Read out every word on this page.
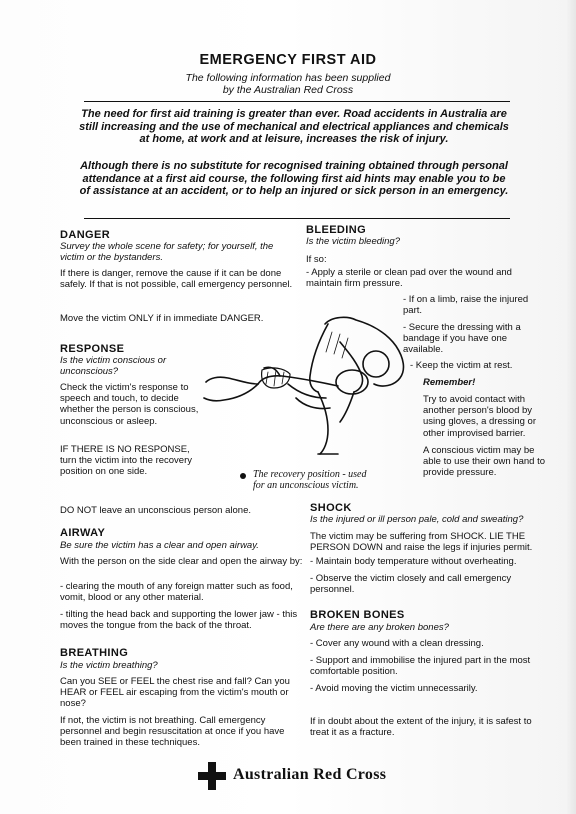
EMERGENCY FIRST AID
The following information has been supplied
by the Australian Red Cross
The need for first aid training is greater than ever. Road accidents in Australia are still increasing and the use of mechanical and electrical appliances and chemicals at home, at work and at leisure, increases the risk of injury.
Although there is no substitute for recognised training obtained through personal attendance at a first aid course, the following first aid hints may enable you to be of assistance at an accident, or to help an injured or sick person in an emergency.
DANGER
Survey the whole scene for safety; for yourself, the victim or the bystanders.
If there is danger, remove the cause if it can be done safely. If that is not possible, call emergency personnel.
Move the victim ONLY if in immediate DANGER.
RESPONSE
Is the victim conscious or unconscious?
Check the victim's response to speech and touch, to decide whether the person is conscious, unconscious or asleep.
IF THERE IS NO RESPONSE, turn the victim into the recovery position on one side.
DO NOT leave an unconscious person alone.
AIRWAY
Be sure the victim has a clear and open airway.
With the person on the side clear and open the airway by:
- clearing the mouth of any foreign matter such as food, vomit, blood or any other material.
- tilting the head back and supporting the lower jaw - this moves the tongue from the back of the throat.
BREATHING
Is the victim breathing?
Can you SEE or FEEL the chest rise and fall? Can you HEAR or FEEL air escaping from the victim's mouth or nose?
If not, the victim is not breathing. Call emergency personnel and begin resuscitation at once if you have been trained in these techniques.
BLEEDING
Is the victim bleeding?
If so:
- Apply a sterile or clean pad over the wound and maintain firm pressure.
- If on a limb, raise the injured part.
- Secure the dressing with a bandage if you have one available.
- Keep the victim at rest.
Remember!
Try to avoid contact with another person's blood by using gloves, a dressing or other improvised barrier.
A conscious victim may be able to use their own hand to provide pressure.
SHOCK
Is the injured or ill person pale, cold and sweating?
The victim may be suffering from SHOCK. LIE THE PERSON DOWN and raise the legs if injuries permit.
- Maintain body temperature without overheating.
- Observe the victim closely and call emergency personnel.
BROKEN BONES
Are there are any broken bones?
- Cover any wound with a clean dressing.
- Support and immobilise the injured part in the most comfortable position.
- Avoid moving the victim unnecessarily.
If in doubt about the extent of the injury, it is safest to treat it as a fracture.
The recovery position - used
for an unconscious victim.
Australian Red Cross
